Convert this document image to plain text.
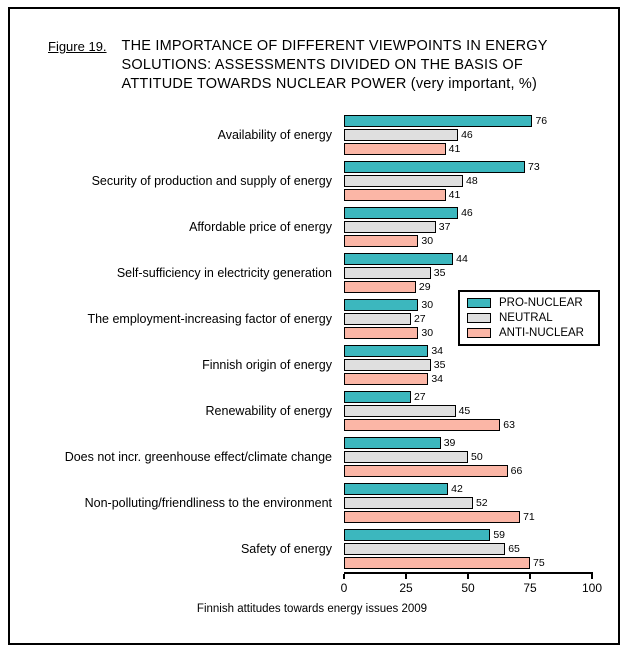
Figure 19. THE IMPORTANCE OF DIFFERENT VIEWPOINTS IN ENERGY
SOLUTIONS: ASSESSMENTS DIVIDED ON THE BASIS OF
ATTITUDE TOWARDS NUCLEAR POWER (very important, %)
Availability of energy
76
46
41
Security of production and supply of energy
73
48
41
Affordable price of energy
46
37
30
Self-sufficiency in electricity generation
44
35
29
The employment-increasing factor of energy
30
27
30
Finnish origin of energy
34
35
34
Renewability of energy
27
45
63
Does not incr. greenhouse effect/climate change
39
50
66
Non-polluting/friendliness to the environment
42
52
71
Safety of energy
59
65
75
PRO-NUCLEAR
NEUTRAL
ANTI-NUCLEAR
0	25	50	75	100
Finnish attitudes towards energy issues 2009
